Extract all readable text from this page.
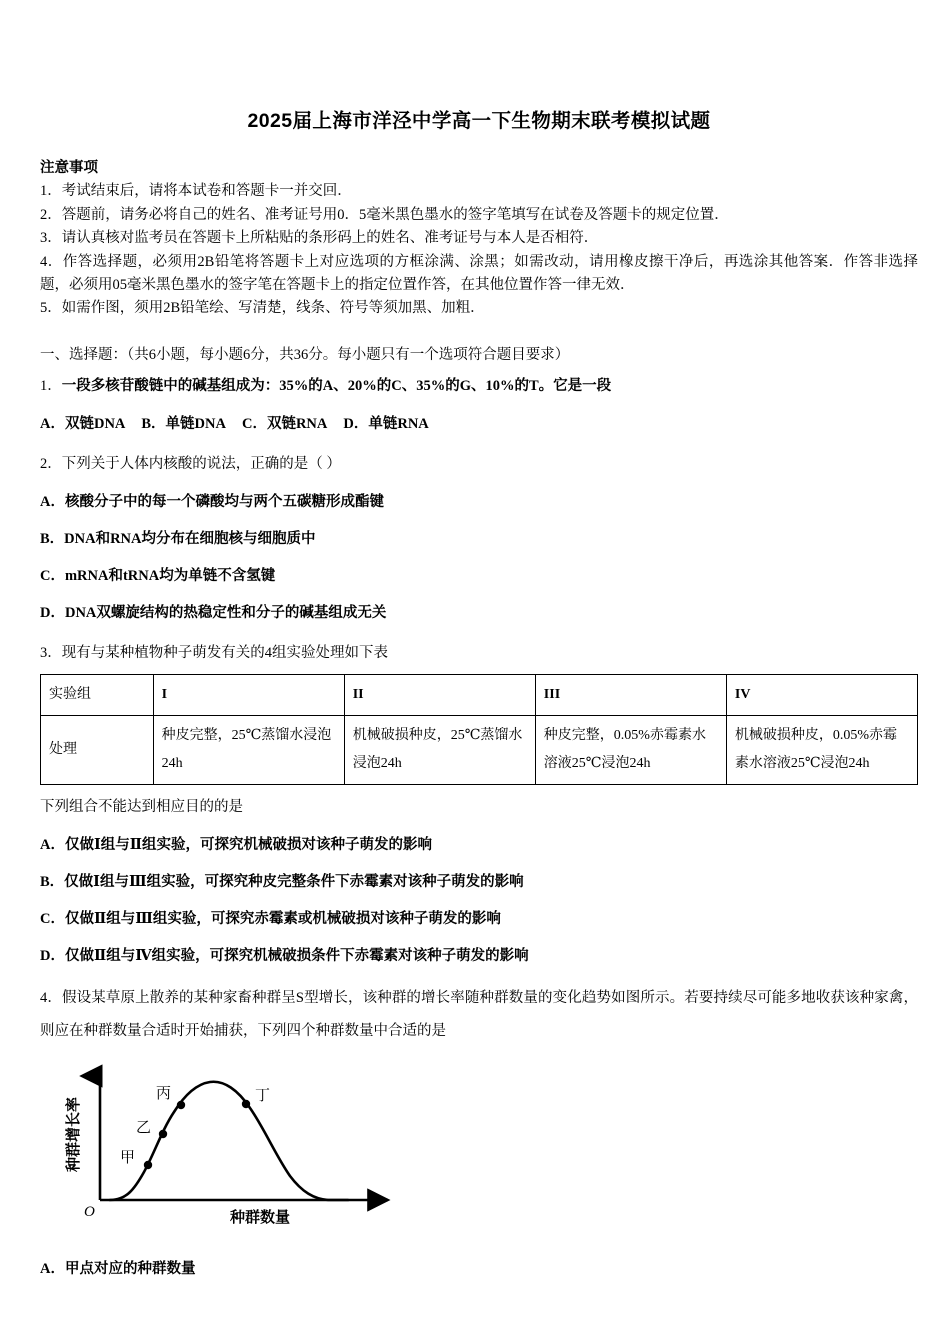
2025届上海市洋泾中学高一下生物期末联考模拟试题
注意事项
1．考试结束后，请将本试卷和答题卡一并交回．
2．答题前，请务必将自己的姓名、准考证号用0．5毫米黑色墨水的签字笔填写在试卷及答题卡的规定位置．
3．请认真核对监考员在答题卡上所粘贴的条形码上的姓名、准考证号与本人是否相符．
4．作答选择题，必须用2B铅笔将答题卡上对应选项的方框涂满、涂黑；如需改动，请用橡皮擦干净后，再选涂其他答案．作答非选择题，必须用05毫米黑色墨水的签字笔在答题卡上的指定位置作答，在其他位置作答一律无效．
5．如需作图，须用2B铅笔绘、写清楚，线条、符号等须加黑、加粗．
一、选择题：（共6小题，每小题6分，共36分。每小题只有一个选项符合题目要求）
1．一段多核苷酸链中的碱基组成为：35%的A、20%的C、35%的G、10%的T。它是一段
A．双链DNA B．单链DNA C．双链RNA D．单链RNA
2．下列关于人体内核酸的说法，正确的是（ ）
A．核酸分子中的每一个磷酸均与两个五碳糖形成酯键
B．DNA和RNA均分布在细胞核与细胞质中
C．mRNA和tRNA均为单链不含氢键
D．DNA双螺旋结构的热稳定性和分子的碱基组成无关
3．现有与某种植物种子萌发有关的4组实验处理如下表
实验组	I	II	III	IV
处理	种皮完整，25℃蒸馏水浸泡24h	机械破损种皮，25℃蒸馏水浸泡24h	种皮完整，0.05%赤霉素水溶液25℃浸泡24h	机械破损种皮，0.05%赤霉素水溶液25℃浸泡24h
下列组合不能达到相应目的的是
A．仅做Ⅰ组与Ⅱ组实验，可探究机械破损对该种子萌发的影响
B．仅做Ⅰ组与Ⅲ组实验，可探究种皮完整条件下赤霉素对该种子萌发的影响
C．仅做Ⅱ组与Ⅲ组实验，可探究赤霉素或机械破损对该种子萌发的影响
D．仅做Ⅱ组与Ⅳ组实验，可探究机械破损条件下赤霉素对该种子萌发的影响
4．假设某草原上散养的某种家畜种群呈S型增长，该种群的增长率随种群数量的变化趋势如图所示。若要持续尽可能多地收获该种家禽，则应在种群数量合适时开始捕获，下列四个种群数量中合适的是
甲
乙
丙	丁
O	种群数量
种群增长率
A．甲点对应的种群数量
